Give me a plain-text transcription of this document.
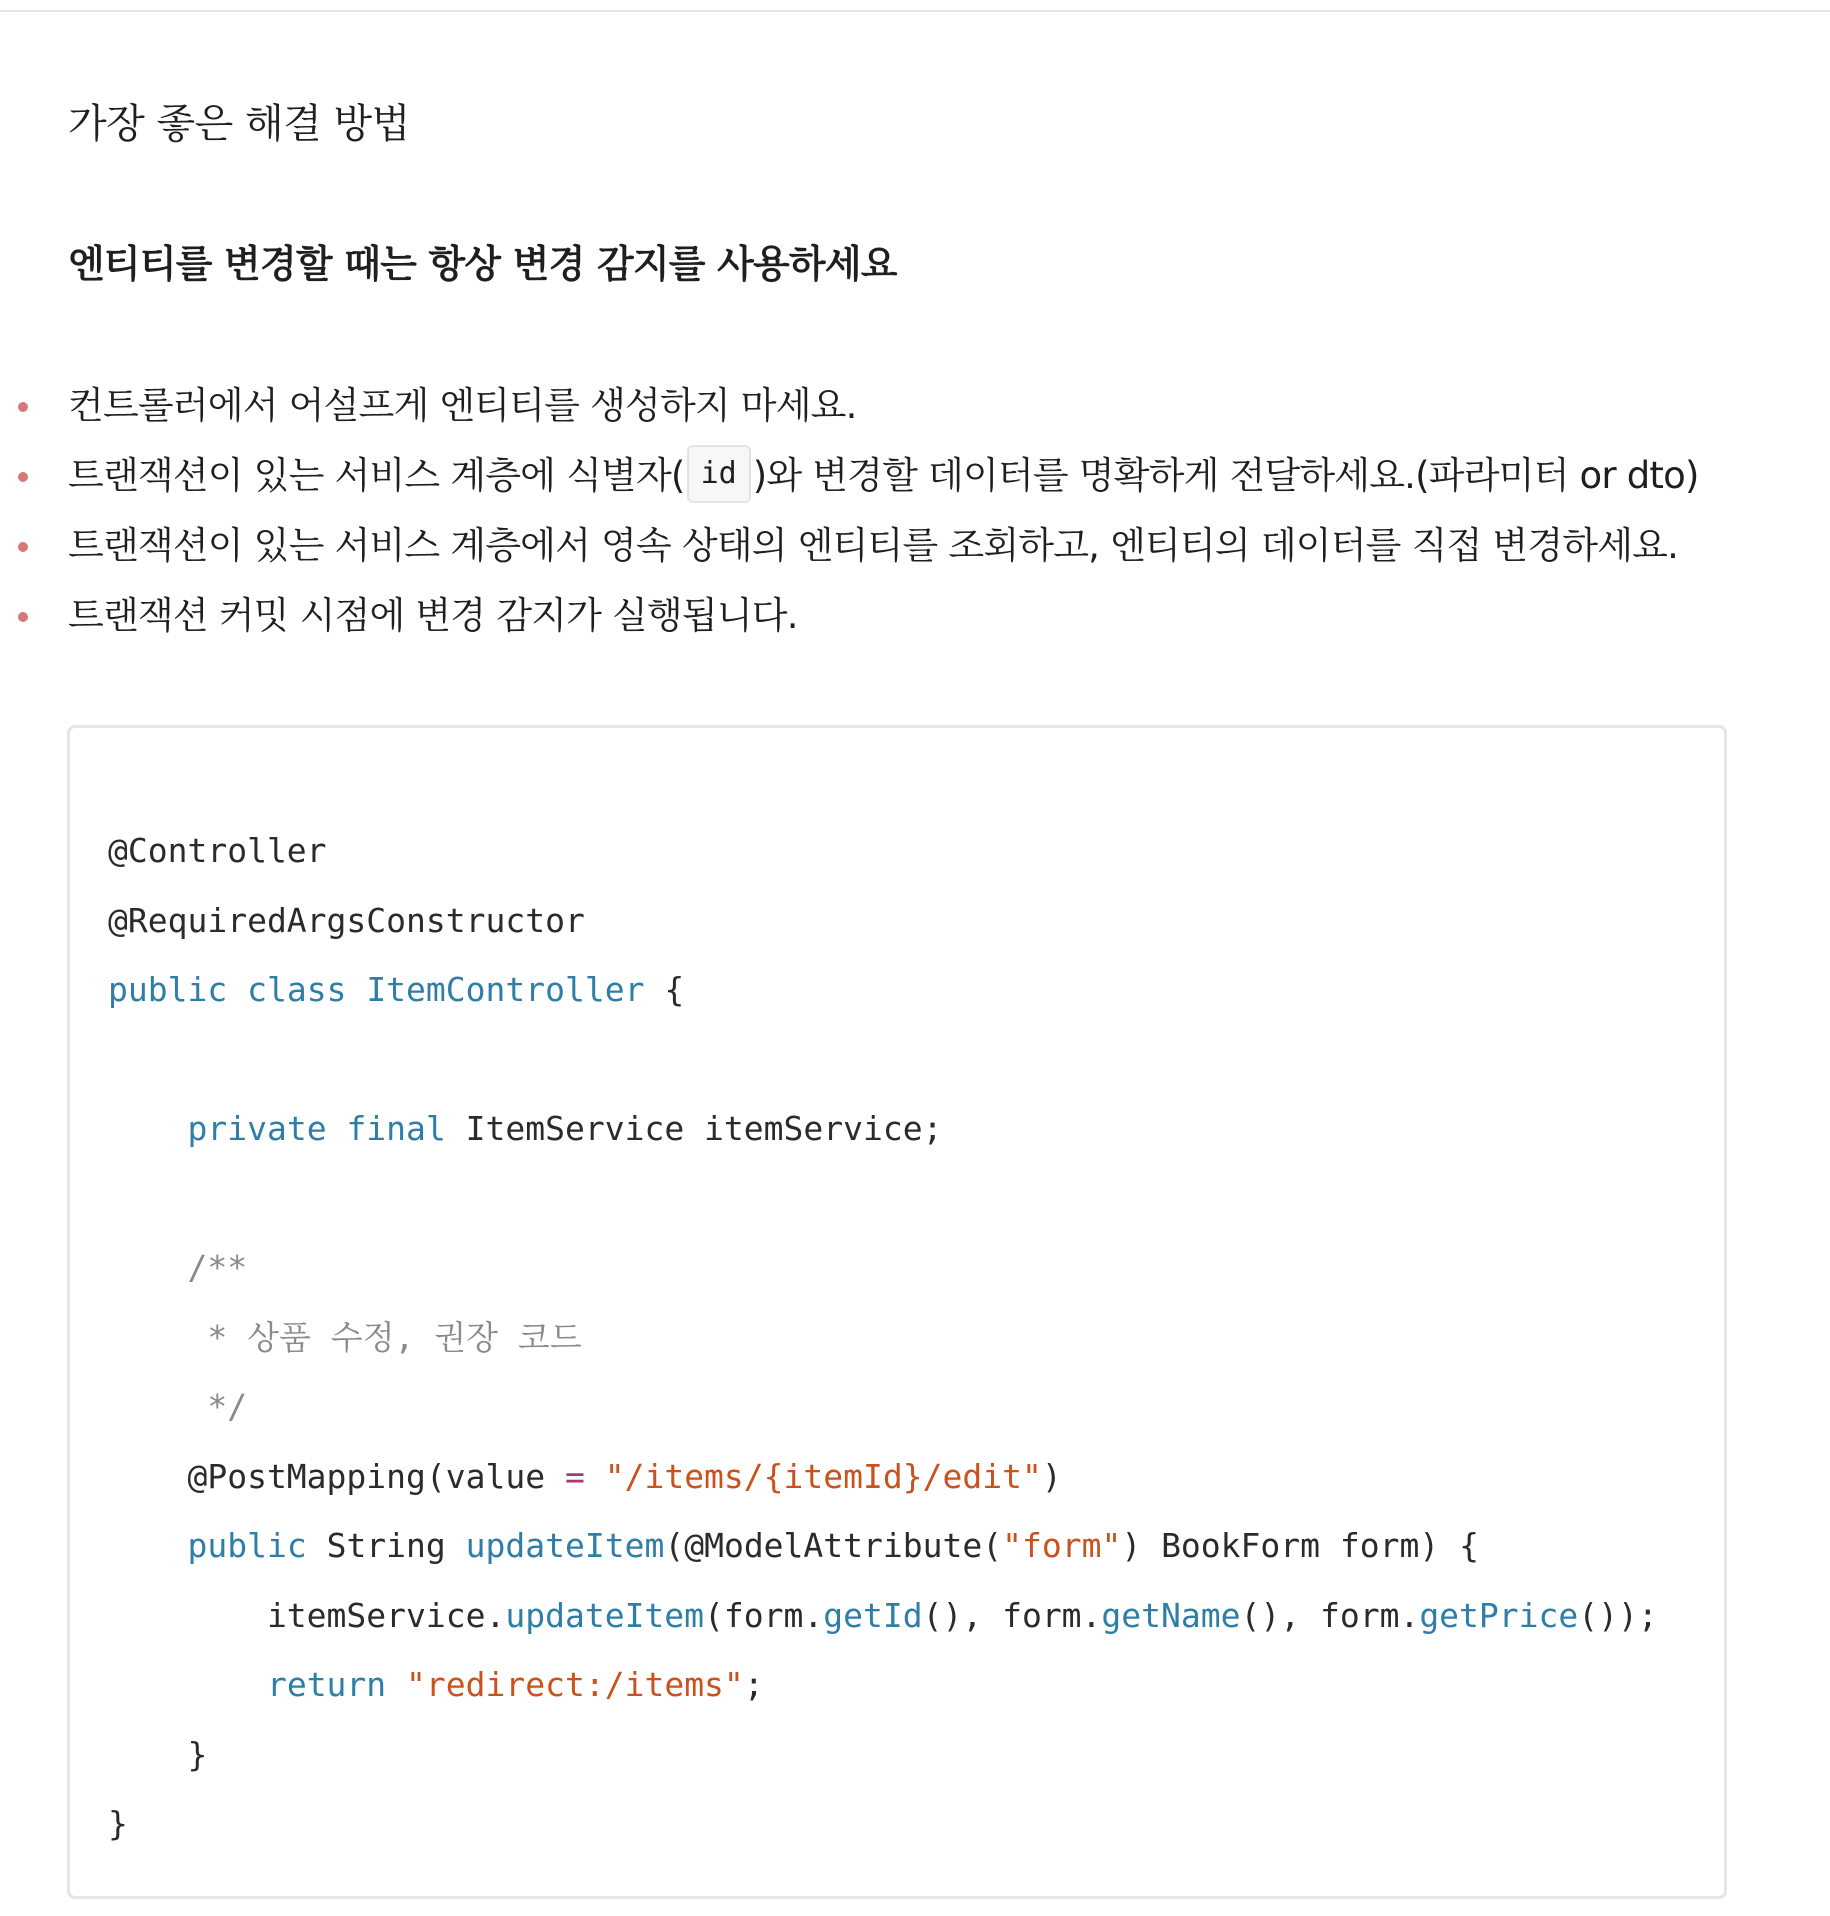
가장 좋은 해결 방법
엔티티를 변경할 때는 항상 변경 감지를 사용하세요
컨트롤러에서 어설프게 엔티티를 생성하지 마세요.
트랜잭션이 있는 서비스 계층에 식별자( id )와 변경할 데이터를 명확하게 전달하세요.(파라미터 or dto)
트랜잭션이 있는 서비스 계층에서 영속 상태의 엔티티를 조회하고, 엔티티의 데이터를 직접 변경하세요.
트랜잭션 커밋 시점에 변경 감지가 실행됩니다.
@Controller
@RequiredArgsConstructor
public class ItemController {

private final ItemService itemService;

/**
* 상품 수정, 권장 코드
*/
@PostMapping(value = "/items/{itemId}/edit")
public String updateItem(@ModelAttribute("form") BookForm form) {
itemService.updateItem(form.getId(), form.getName(), form.getPrice());
return "redirect:/items";
}
}
